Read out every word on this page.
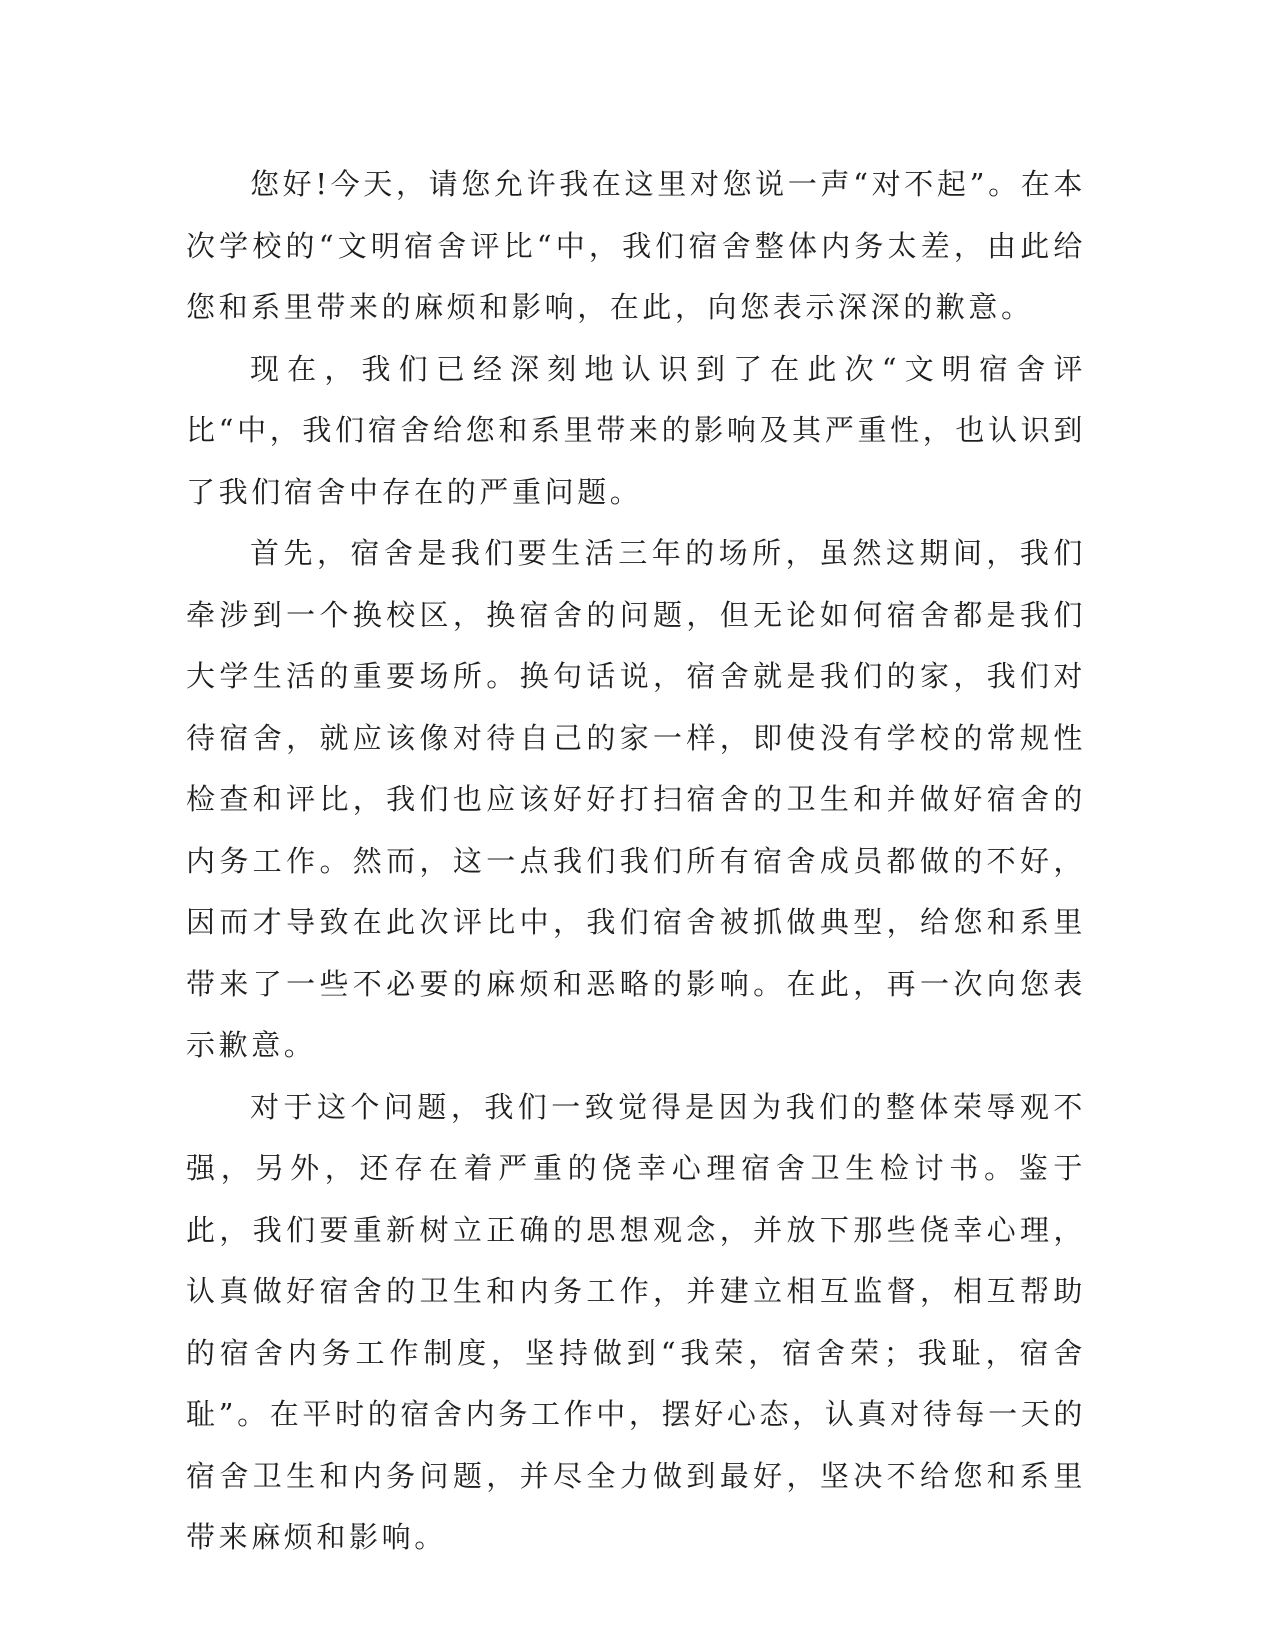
您好!今天，请您允许我在这里对您说一声“对不起”。在本次学校的“文明宿舍评比“中，我们宿舍整体内务太差，由此给您和系里带来的麻烦和影响，在此，向您表示深深的歉意。

现在，我们已经深刻地认识到了在此次“文明宿舍评比“中，我们宿舍给您和系里带来的影响及其严重性，也认识到了我们宿舍中存在的严重问题。

首先，宿舍是我们要生活三年的场所，虽然这期间，我们牵涉到一个换校区，换宿舍的问题，但无论如何宿舍都是我们大学生活的重要场所。换句话说，宿舍就是我们的家，我们对待宿舍，就应该像对待自己的家一样，即使没有学校的常规性检查和评比，我们也应该好好打扫宿舍的卫生和并做好宿舍的内务工作。然而，这一点我们我们所有宿舍成员都做的不好，因而才导致在此次评比中，我们宿舍被抓做典型，给您和系里带来了一些不必要的麻烦和恶略的影响。在此，再一次向您表示歉意。

对于这个问题，我们一致觉得是因为我们的整体荣辱观不强，另外，还存在着严重的侥幸心理宿舍卫生检讨书。鉴于此，我们要重新树立正确的思想观念，并放下那些侥幸心理，认真做好宿舍的卫生和内务工作，并建立相互监督，相互帮助的宿舍内务工作制度，坚持做到“我荣，宿舍荣；我耻，宿舍耻”。在平时的宿舍内务工作中，摆好心态，认真对待每一天的宿舍卫生和内务问题，并尽全力做到最好，坚决不给您和系里带来麻烦和影响。
